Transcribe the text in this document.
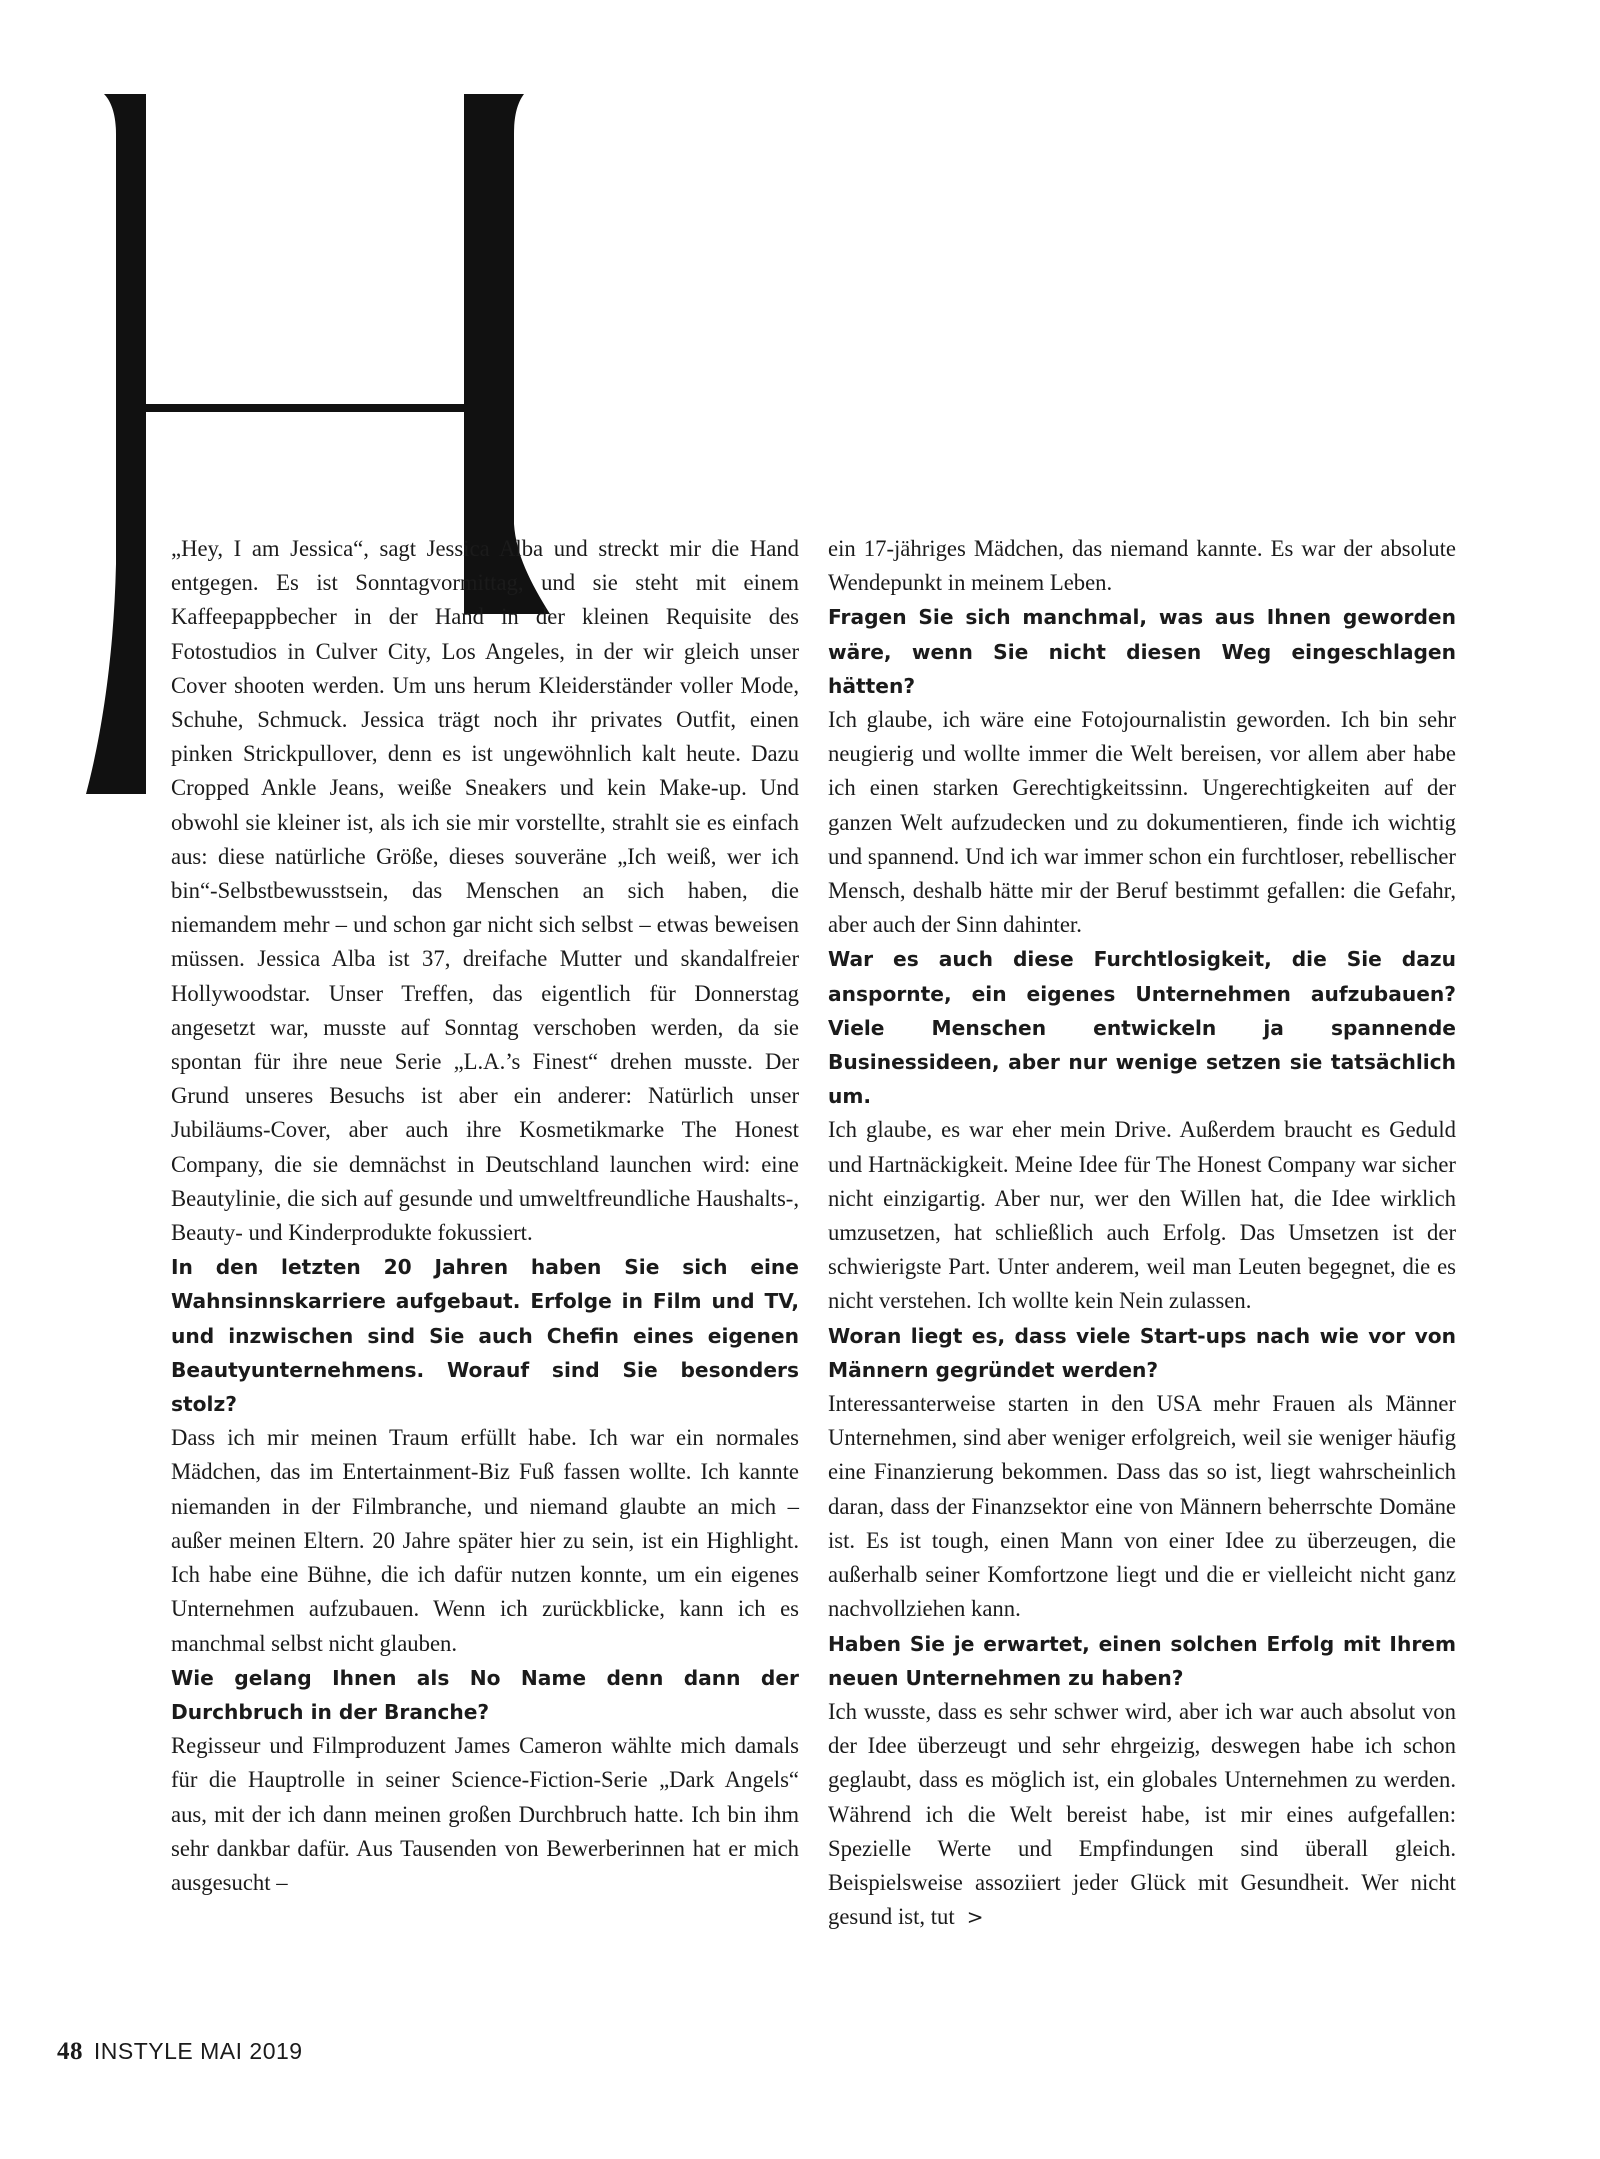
„Hey, I am Jessica“, sagt Jessica Alba und streckt mir die Hand entgegen. Es ist Sonntagvormittag, und sie steht mit einem Kaffeepappbecher in der Hand in der kleinen Requisite des Fotostudios in Culver City, Los Angeles, in der wir gleich unser Cover shooten werden. Um uns herum Kleiderständer voller Mode, Schuhe, Schmuck. Jessica trägt noch ihr privates Outfit, einen pinken Strickpullover, denn es ist ungewöhnlich kalt heute. Dazu Cropped Ankle Jeans, weiße Sneakers und kein Make-up. Und obwohl sie kleiner ist, als ich sie mir vorstellte, strahlt sie es einfach aus: diese natürliche Größe, dieses souveräne „Ich weiß, wer ich bin“-Selbstbewusstsein, das Menschen an sich haben, die niemandem mehr – und schon gar nicht sich selbst – etwas beweisen müssen. Jessica Alba ist 37, dreifache Mutter und skandalfreier Hollywoodstar. Unser Treffen, das eigentlich für Donnerstag angesetzt war, musste auf Sonntag verschoben werden, da sie spontan für ihre neue Serie „L.A.’s Finest“ drehen musste. Der Grund unseres Besuchs ist aber ein anderer: Natürlich unser Jubiläums-Cover, aber auch ihre Kosmetikmarke The Honest Company, die sie demnächst in Deutschland launchen wird: eine Beautylinie, die sich auf gesunde und umweltfreundliche Haushalts-, Beauty- und Kinderprodukte fokussiert.

In den letzten 20 Jahren haben Sie sich eine Wahnsinnskarriere aufgebaut. Erfolge in Film und TV, und inzwischen sind Sie auch Chefin eines eigenen Beautyunternehmens. Worauf sind Sie besonders stolz?

Dass ich mir meinen Traum erfüllt habe. Ich war ein normales Mädchen, das im Entertainment-Biz Fuß fassen wollte. Ich kannte niemanden in der Filmbranche, und niemand glaubte an mich – außer meinen Eltern. 20 Jahre später hier zu sein, ist ein Highlight. Ich habe eine Bühne, die ich dafür nutzen konnte, um ein eigenes Unternehmen aufzubauen. Wenn ich zurückblicke, kann ich es manchmal selbst nicht glauben.

Wie gelang Ihnen als No Name denn dann der Durchbruch in der Branche?

Regisseur und Filmproduzent James Cameron wählte mich damals für die Hauptrolle in seiner Science-Fiction-Serie „Dark Angels“ aus, mit der ich dann meinen großen Durchbruch hatte. Ich bin ihm sehr dankbar dafür. Aus Tausenden von Bewerberinnen hat er mich ausgesucht –

ein 17-jähriges Mädchen, das niemand kannte. Es war der absolute Wendepunkt in meinem Leben.

Fragen Sie sich manchmal, was aus Ihnen geworden wäre, wenn Sie nicht diesen Weg eingeschlagen hätten?

Ich glaube, ich wäre eine Fotojournalistin geworden. Ich bin sehr neugierig und wollte immer die Welt bereisen, vor allem aber habe ich einen starken Gerechtigkeitssinn. Ungerechtigkeiten auf der ganzen Welt aufzudecken und zu dokumentieren, finde ich wichtig und spannend. Und ich war immer schon ein furchtloser, rebellischer Mensch, deshalb hätte mir der Beruf bestimmt gefallen: die Gefahr, aber auch der Sinn dahinter.

War es auch diese Furchtlosigkeit, die Sie dazu anspornte, ein eigenes Unternehmen aufzubauen? Viele Menschen entwickeln ja spannende Businessideen, aber nur wenige setzen sie tatsächlich um.

Ich glaube, es war eher mein Drive. Außerdem braucht es Geduld und Hartnäckigkeit. Meine Idee für The Honest Company war sicher nicht einzigartig. Aber nur, wer den Willen hat, die Idee wirklich umzusetzen, hat schließlich auch Erfolg. Das Umsetzen ist der schwierigste Part. Unter anderem, weil man Leuten begegnet, die es nicht verstehen. Ich wollte kein Nein zulassen.

Woran liegt es, dass viele Start-ups nach wie vor von Männern gegründet werden?

Interessanterweise starten in den USA mehr Frauen als Männer Unternehmen, sind aber weniger erfolgreich, weil sie weniger häufig eine Finanzierung bekommen. Dass das so ist, liegt wahrscheinlich daran, dass der Finanzsektor eine von Männern beherrschte Domäne ist. Es ist tough, einen Mann von einer Idee zu überzeugen, die außerhalb seiner Komfortzone liegt und die er vielleicht nicht ganz nachvollziehen kann.

Haben Sie je erwartet, einen solchen Erfolg mit Ihrem neuen Unternehmen zu haben?

Ich wusste, dass es sehr schwer wird, aber ich war auch absolut von der Idee überzeugt und sehr ehrgeizig, deswegen habe ich schon geglaubt, dass es möglich ist, ein globales Unternehmen zu werden. Während ich die Welt bereist habe, ist mir eines aufgefallen: Spezielle Werte und Empfindungen sind überall gleich. Beispielsweise assoziiert jeder Glück mit Gesundheit. Wer nicht gesund ist, tut >

48 INSTYLE MAI 2019
